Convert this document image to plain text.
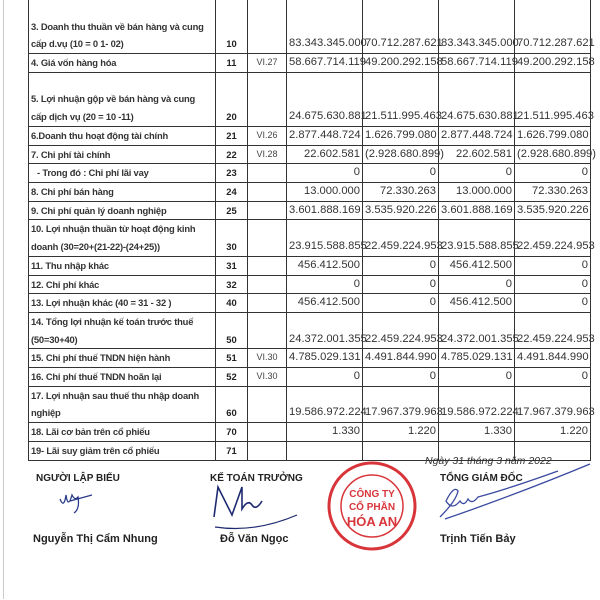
3. Doanh thu thuần về bán hàng và cung cấp d.vụ (10 = 0 1- 02)	10		83.343.345.000	70.712.287.621	83.343.345.000	70.712.287.621
4. Giá vốn hàng hóa	11	VI.27	58.667.714.119	49.200.292.158	58.667.714.119	49.200.292.158
5. Lợi nhuận gộp về bán hàng và cung cấp dịch vụ (20 = 10 -11)	20		24.675.630.881	21.511.995.463	24.675.630.881	21.511.995.463
6.Doanh thu hoạt động tài chính	21	VI.26	2.877.448.724	1.626.799.080	2.877.448.724	1.626.799.080
7. Chi phí tài chính	22	VI.28	22.602.581	(2.928.680.899)	22.602.581	(2.928.680.899)
- Trong đó : Chi phí lãi vay	23		0	0	0	0
8. Chi phí bán hàng	24		13.000.000	72.330.263	13.000.000	72.330.263
9. Chi phí quản lý doanh nghiệp	25		3.601.888.169	3.535.920.226	3.601.888.169	3.535.920.226
10. Lợi nhuận thuần từ hoạt động kinh doanh (30=20+(21-22)-(24+25))	30		23.915.588.855	22.459.224.953	23.915.588.855	22.459.224.953
11. Thu nhập khác	31		456.412.500	0	456.412.500	0
12. Chi phí khác	32		0	0	0	0
13. Lợi nhuận khác (40 = 31 - 32 )	40		456.412.500	0	456.412.500	0
14. Tổng lợi nhuận kế toán trước thuế (50=30+40)	50		24.372.001.355	22.459.224.953	24.372.001.355	22.459.224.953
15. Chi phí thuế TNDN hiện hành	51	VI.30	4.785.029.131	4.491.844.990	4.785.029.131	4.491.844.990
16. Chi phí thuế TNDN hoãn lại	52	VI.30	0	0	0	0
17. Lợi nhuận sau thuế thu nhập doanh nghiệp	60		19.586.972.224	17.967.379.963	19.586.972.224	17.967.379.963
18. Lãi cơ bản trên cổ phiếu	70		1.330	1.220	1.330	1.220
19- Lãi suy giảm trên cổ phiếu	71					
CÔNG TY
CỔ PHẦN
HÓA AN
Ngày 31 tháng 3 năm 2022
NGƯỜI LẬP BIỂU	KẾ TOÁN TRƯỞNG	TỔNG GIÁM ĐỐC
Nguyễn Thị Cẩm Nhung	Đỗ Văn Ngọc	Trịnh Tiến Bảy
